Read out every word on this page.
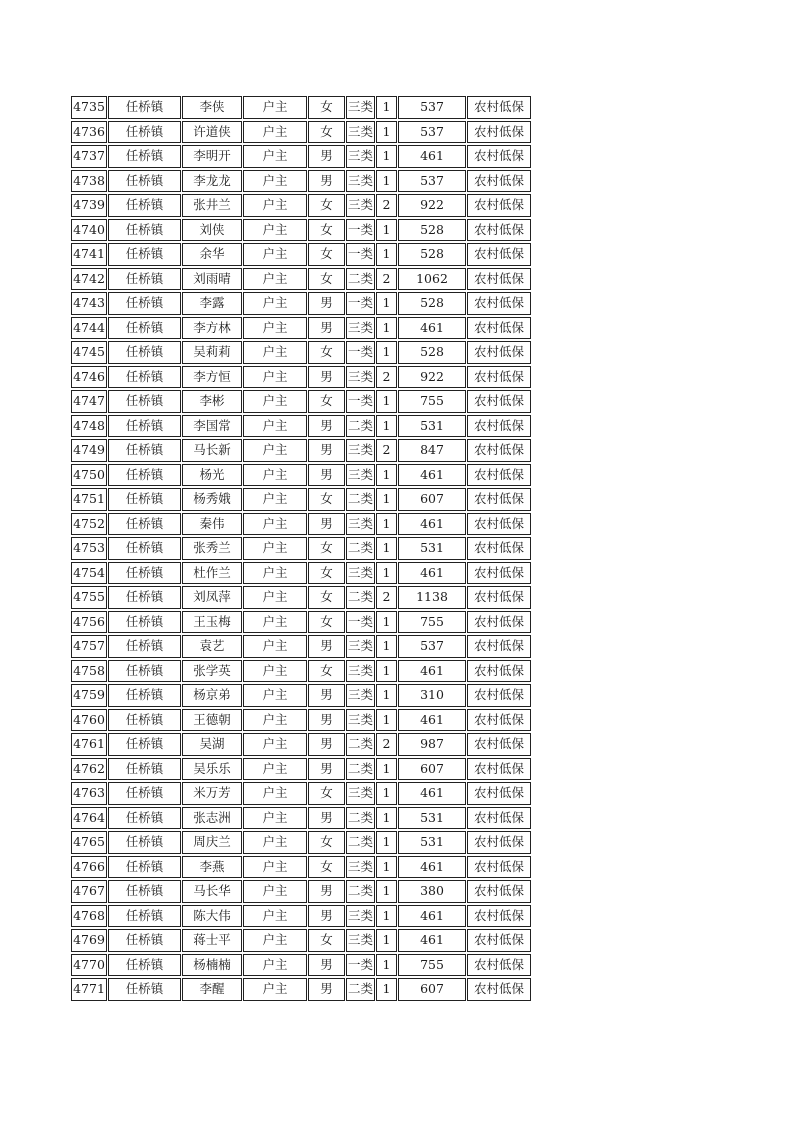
4735	任桥镇	李侠	户主	女	三类	1	537	农村低保
4736	任桥镇	许道侠	户主	女	三类	1	537	农村低保
4737	任桥镇	李明开	户主	男	三类	1	461	农村低保
4738	任桥镇	李龙龙	户主	男	三类	1	537	农村低保
4739	任桥镇	张井兰	户主	女	三类	2	922	农村低保
4740	任桥镇	刘侠	户主	女	一类	1	528	农村低保
4741	任桥镇	余华	户主	女	一类	1	528	农村低保
4742	任桥镇	刘雨晴	户主	女	二类	2	1062	农村低保
4743	任桥镇	李露	户主	男	一类	1	528	农村低保
4744	任桥镇	李方林	户主	男	三类	1	461	农村低保
4745	任桥镇	吴莉莉	户主	女	一类	1	528	农村低保
4746	任桥镇	李方恒	户主	男	三类	2	922	农村低保
4747	任桥镇	李彬	户主	女	一类	1	755	农村低保
4748	任桥镇	李国常	户主	男	二类	1	531	农村低保
4749	任桥镇	马长新	户主	男	三类	2	847	农村低保
4750	任桥镇	杨光	户主	男	三类	1	461	农村低保
4751	任桥镇	杨秀娥	户主	女	二类	1	607	农村低保
4752	任桥镇	秦伟	户主	男	三类	1	461	农村低保
4753	任桥镇	张秀兰	户主	女	二类	1	531	农村低保
4754	任桥镇	杜作兰	户主	女	三类	1	461	农村低保
4755	任桥镇	刘凤萍	户主	女	二类	2	1138	农村低保
4756	任桥镇	王玉梅	户主	女	一类	1	755	农村低保
4757	任桥镇	袁艺	户主	男	三类	1	537	农村低保
4758	任桥镇	张学英	户主	女	三类	1	461	农村低保
4759	任桥镇	杨京弟	户主	男	三类	1	310	农村低保
4760	任桥镇	王德朝	户主	男	三类	1	461	农村低保
4761	任桥镇	吴湖	户主	男	二类	2	987	农村低保
4762	任桥镇	吴乐乐	户主	男	二类	1	607	农村低保
4763	任桥镇	米万芳	户主	女	三类	1	461	农村低保
4764	任桥镇	张志洲	户主	男	二类	1	531	农村低保
4765	任桥镇	周庆兰	户主	女	二类	1	531	农村低保
4766	任桥镇	李燕	户主	女	三类	1	461	农村低保
4767	任桥镇	马长华	户主	男	二类	1	380	农村低保
4768	任桥镇	陈大伟	户主	男	三类	1	461	农村低保
4769	任桥镇	蒋士平	户主	女	三类	1	461	农村低保
4770	任桥镇	杨楠楠	户主	男	一类	1	755	农村低保
4771	任桥镇	李醒	户主	男	二类	1	607	农村低保
